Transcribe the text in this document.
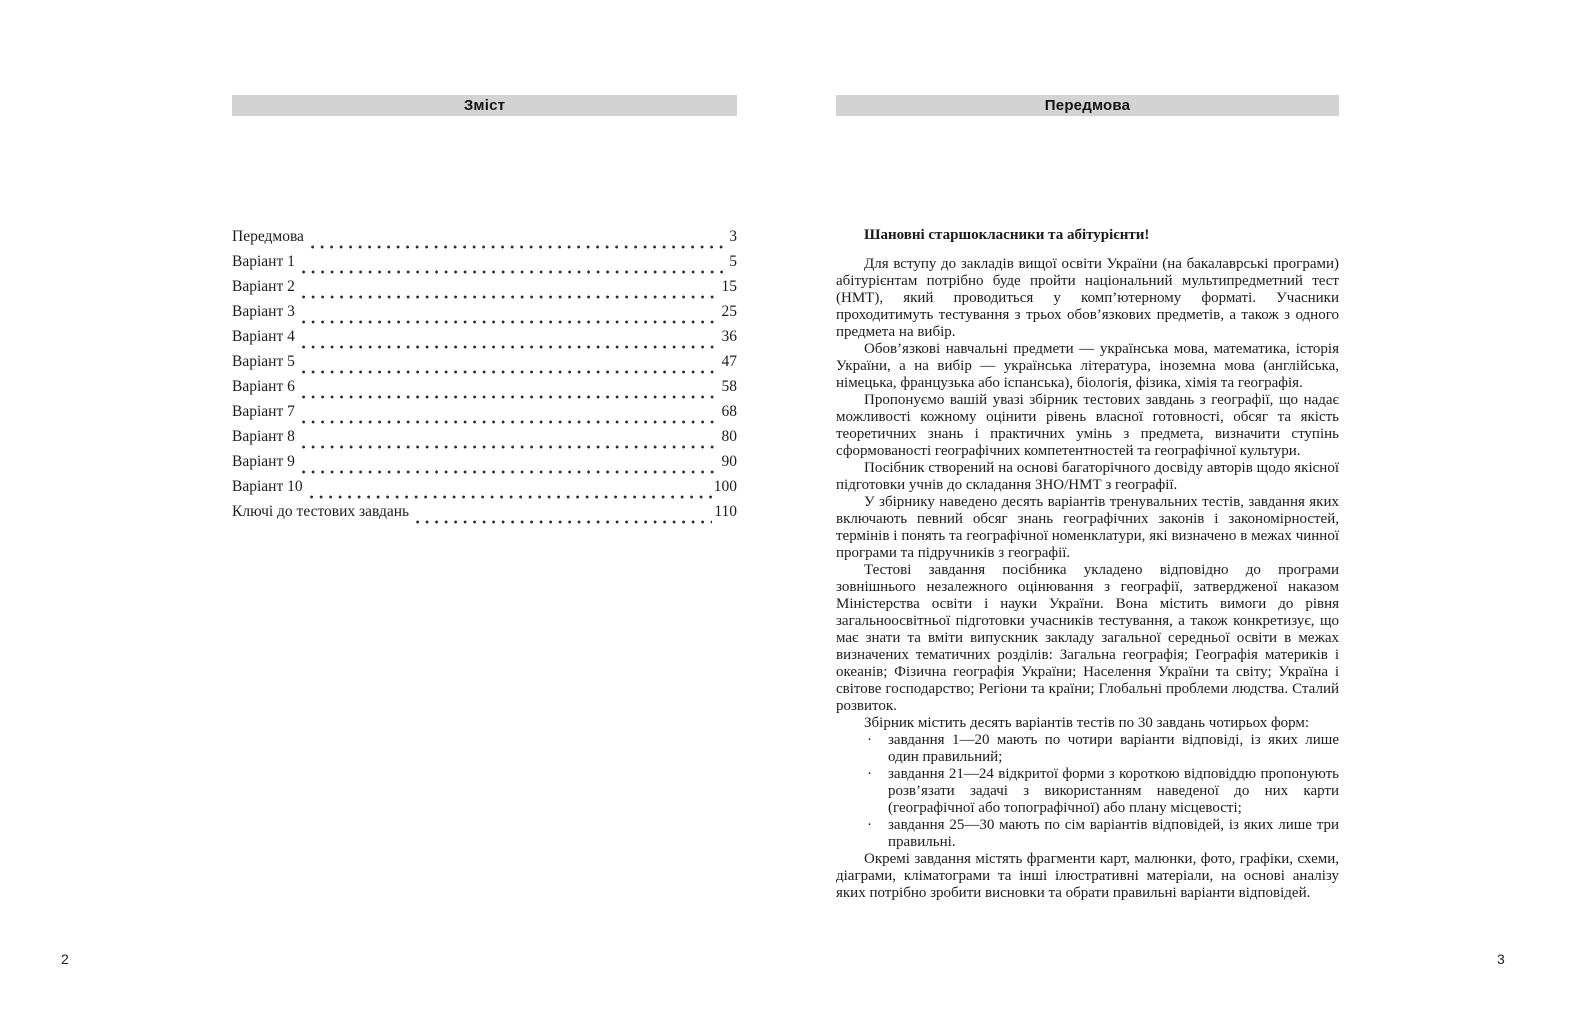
Зміст
Передмова	3
Варіант 1	5
Варіант 2	15
Варіант 3	25
Варіант 4	36
Варіант 5	47
Варіант 6	58
Варіант 7	68
Варіант 8	80
Варіант 9	90
Варіант 10	100
Ключі до тестових завдань	110
Передмова
Шановні старшокласники та абітурієнти!

Для вступу до закладів вищої освіти України (на бакалаврські програми) абітурієнтам потрібно буде пройти національний мультипредметний тест (НМТ), який проводиться у комп’ютерному форматі. Учасники проходитимуть тестування з трьох обов’язкових предметів, а також з одного предмета на вибір.

Обов’язкові навчальні предмети — українська мова, математика, історія України, а на вибір — українська література, іноземна мова (англійська, німецька, французька або іспанська), біологія, фізика, хімія та географія.

Пропонуємо вашій увазі збірник тестових завдань з географії, що надає можливості кожному оцінити рівень власної готовності, обсяг та якість теоретичних знань і практичних умінь з предмета, визначити ступінь сформованості географічних компетентностей та географічної культури.

Посібник створений на основі багаторічного досвіду авторів щодо якісної підготовки учнів до складання ЗНО/НМТ з географії.

У збірнику наведено десять варіантів тренувальних тестів, завдання яких включають певний обсяг знань географічних законів і закономірностей, термінів і понять та географічної номенклатури, які визначено в межах чинної програми та підручників з географії.

Тестові завдання посібника укладено відповідно до програми зовнішнього незалежного оцінювання з географії, затвердженої наказом Міністерства освіти і науки України. Вона містить вимоги до рівня загальноосвітньої підготовки учасників тестування, а також конкретизує, що має знати та вміти випускник закладу загальної середньої освіти в межах визначених тематичних розділів: Загальна географія; Географія материків і океанів; Фізична географія України; Населення України та світу; Україна і світове господарство; Регіони та країни; Глобальні проблеми людства. Сталий розвиток.

Збірник містить десять варіантів тестів по 30 завдань чотирьох форм:

· завдання 1—20 мають по чотири варіанти відповіді, із яких лише один правильний;
· завдання 21—24 відкритої форми з короткою відповіддю пропонують розв’язати задачі з використанням наведеної до них карти (географічної або топографічної) або плану місцевості;
· завдання 25—30 мають по сім варіантів відповідей, із яких лише три правильні.

Окремі завдання містять фрагменти карт, малюнки, фото, графіки, схеми, діаграми, кліматограми та інші ілюстративні матеріали, на основі аналізу яких потрібно зробити висновки та обрати правильні варіанти відповідей.

2	3
